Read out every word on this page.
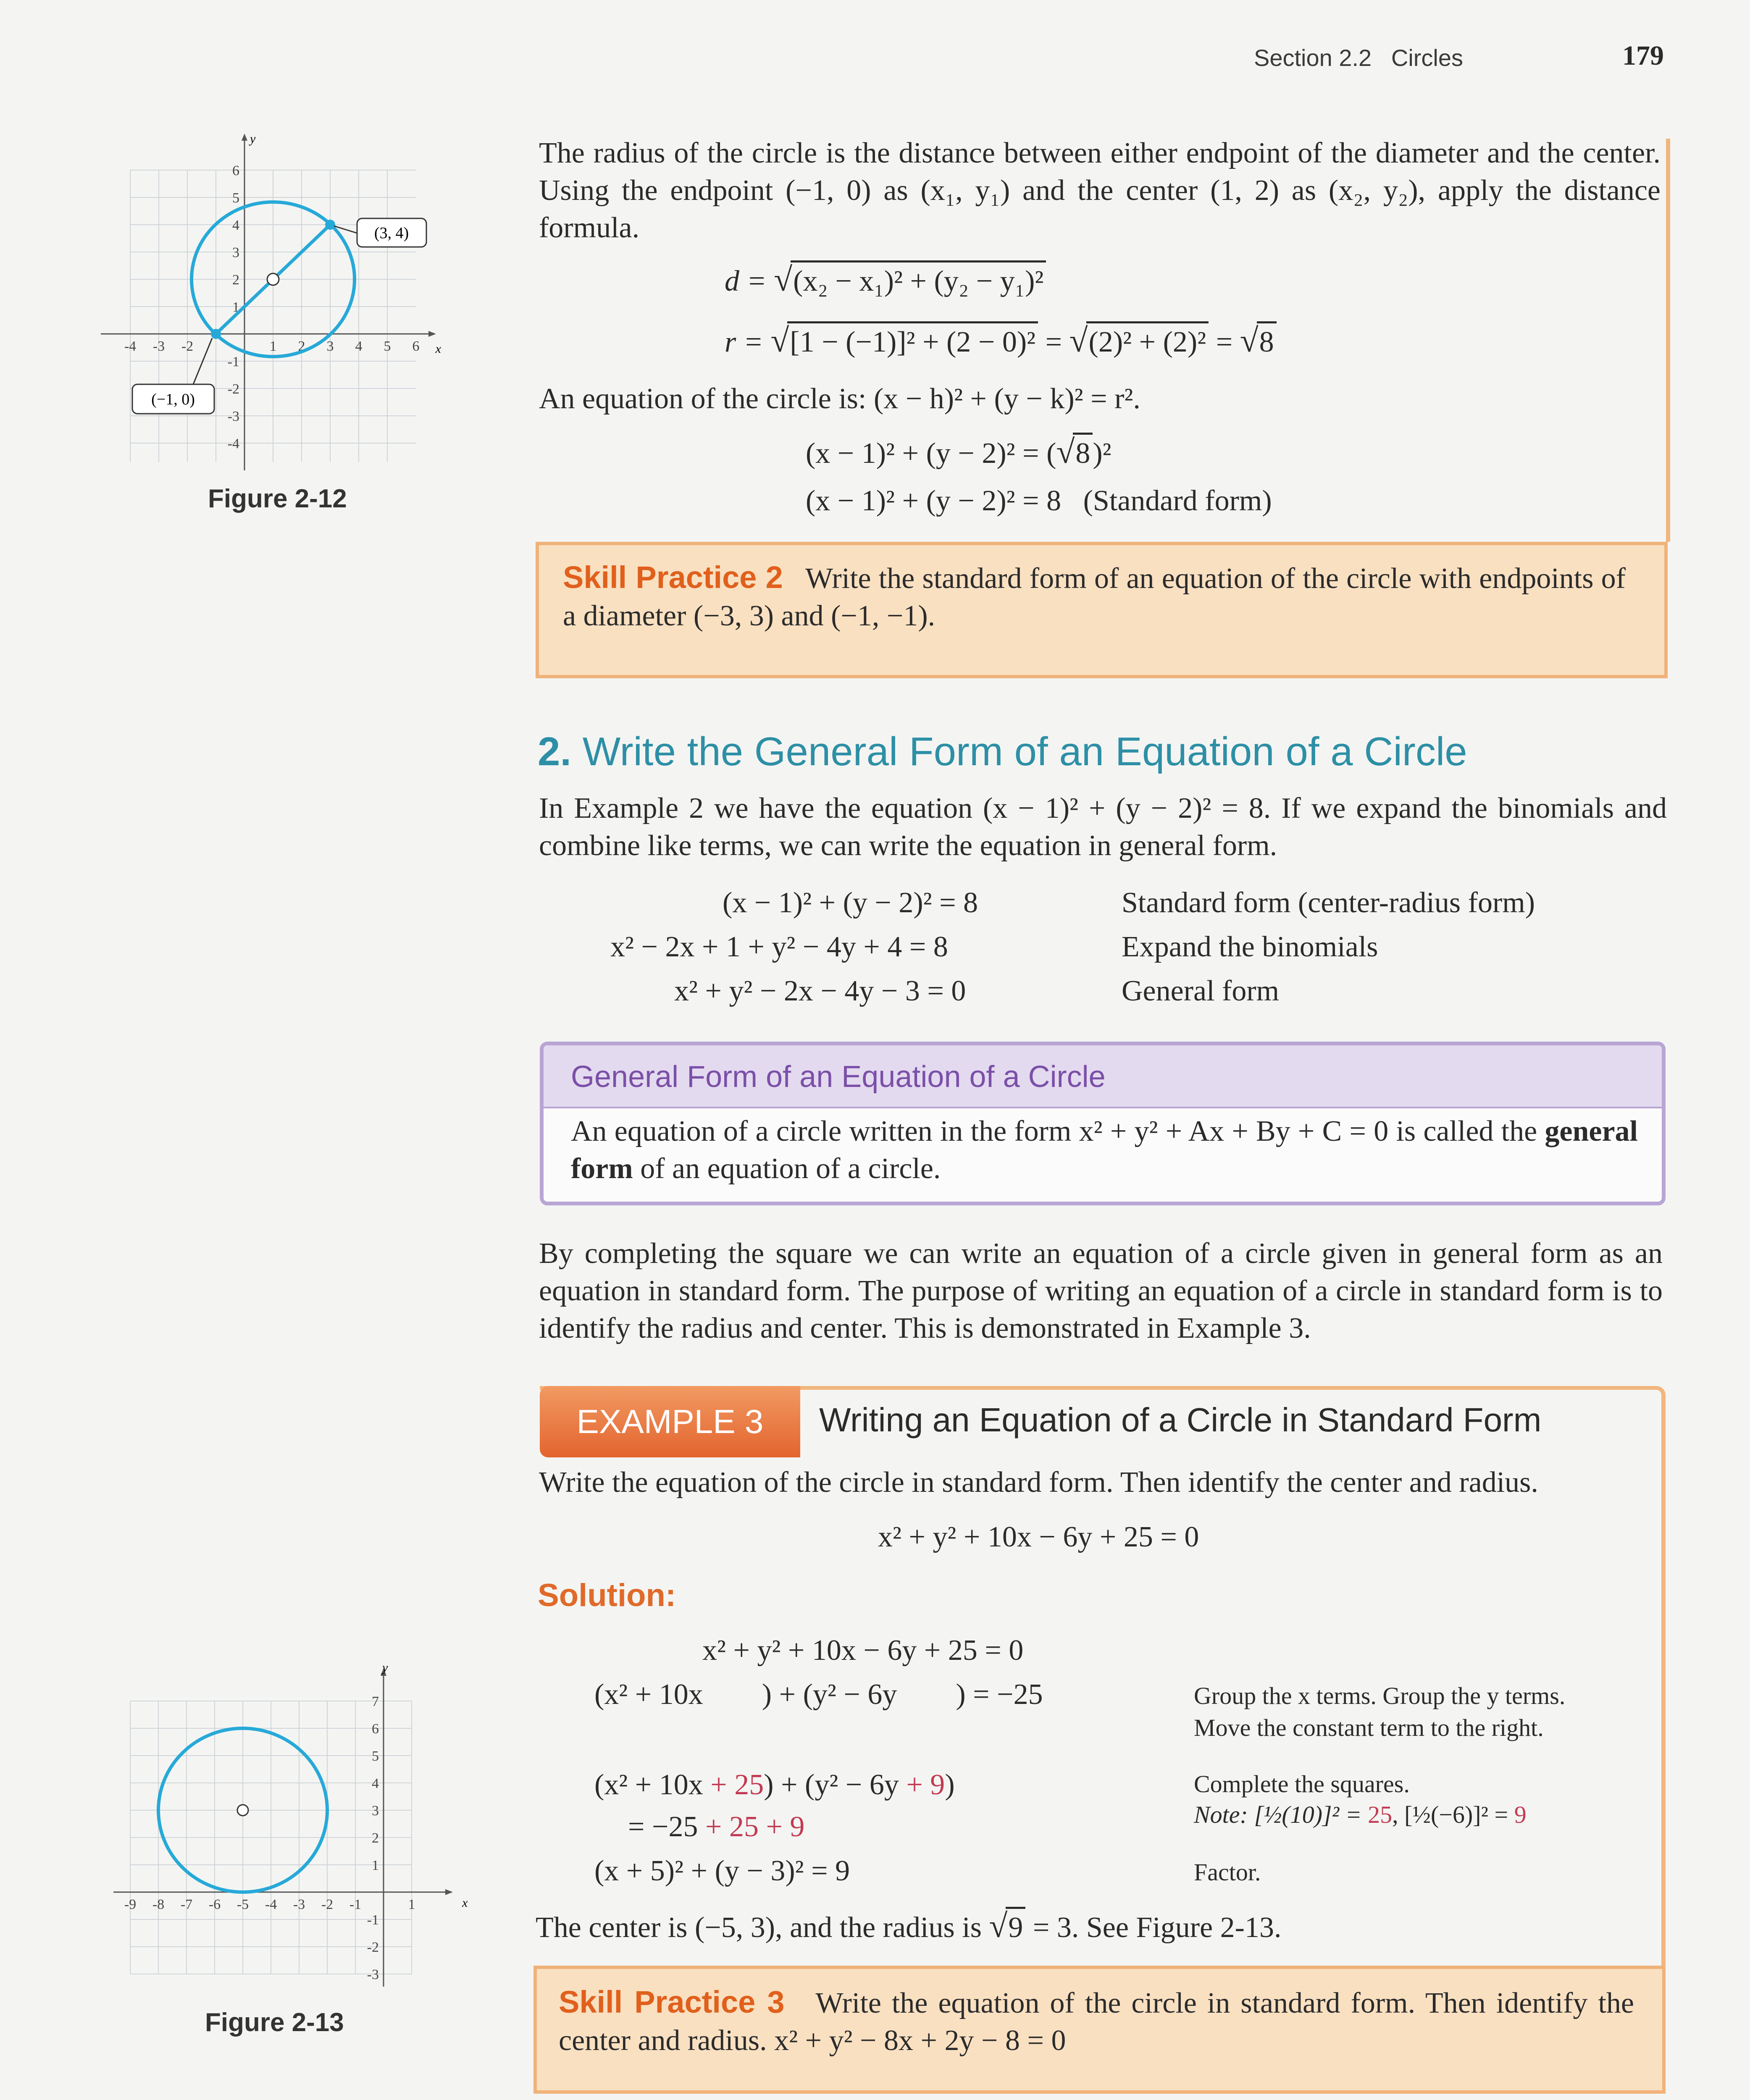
Section 2.2 Circles	179
x
y
-4 -3 -2	1 2 3 4 5 6
6
5
4
3
2
1
-1
-2
-3
-4
(3, 4)
(−1, 0)
Figure 2-12
The radius of the circle is the distance between either endpoint of the diameter and the center. Using the endpoint (−1, 0) as (x₁, y₁) and the center (1, 2) as (x₂, y₂), apply the distance formula.
d = √(x₂ − x₁)² + (y₂ − y₁)²
r = √[1 − (−1)]² + (2 − 0)² = √(2)² + (2)² = √8
An equation of the circle is: (x − h)² + (y − k)² = r².
(x − 1)² + (y − 2)² = (√8)²
(x − 1)² + (y − 2)² = 8 (Standard form)
Skill Practice 2 Write the standard form of an equation of the circle with endpoints of a diameter (−3, 3) and (−1, −1).
2. Write the General Form of an Equation of a Circle
In Example 2 we have the equation (x − 1)² + (y − 2)² = 8. If we expand the binomials and combine like terms, we can write the equation in general form.
(x − 1)² + (y − 2)² = 8	Standard form (center-radius form)
x² − 2x + 1 + y² − 4y + 4 = 8	Expand the binomials
x² + y² − 2x − 4y − 3 = 0	General form
General Form of an Equation of a Circle
An equation of a circle written in the form x² + y² + Ax + By + C = 0 is called the general form of an equation of a circle.
By completing the square we can write an equation of a circle given in general form as an equation in standard form. The purpose of writing an equation of a circle in standard form is to identify the radius and center. This is demonstrated in Example 3.
EXAMPLE 3	Writing an Equation of a Circle in Standard Form
Write the equation of the circle in standard form. Then identify the center and radius.
x² + y² + 10x − 6y + 25 = 0
Solution:
x² + y² + 10x − 6y + 25 = 0
(x² + 10x        ) + (y² − 6y        ) = −25	Group the x terms. Group the y terms.
Move the constant term to the right.
(x² + 10x + 25) + (y² − 6y + 9)
= −25 + 25 + 9
Complete the squares.
Note: [½(10)]² = 25, [½(−6)]² = 9
(x + 5)² + (y − 3)² = 9	Factor.
The center is (−5, 3), and the radius is √9 = 3. See Figure 2-13.
Skill Practice 3 Write the equation of the circle in standard form. Then identify the center and radius. x² + y² − 8x + 2y − 8 = 0
x
y
-9 -8 -7 -6 -5 -4 -3 -2 -1	1
7
6
5
4
3
2
1
-1
-2
-3
Figure 2-13
